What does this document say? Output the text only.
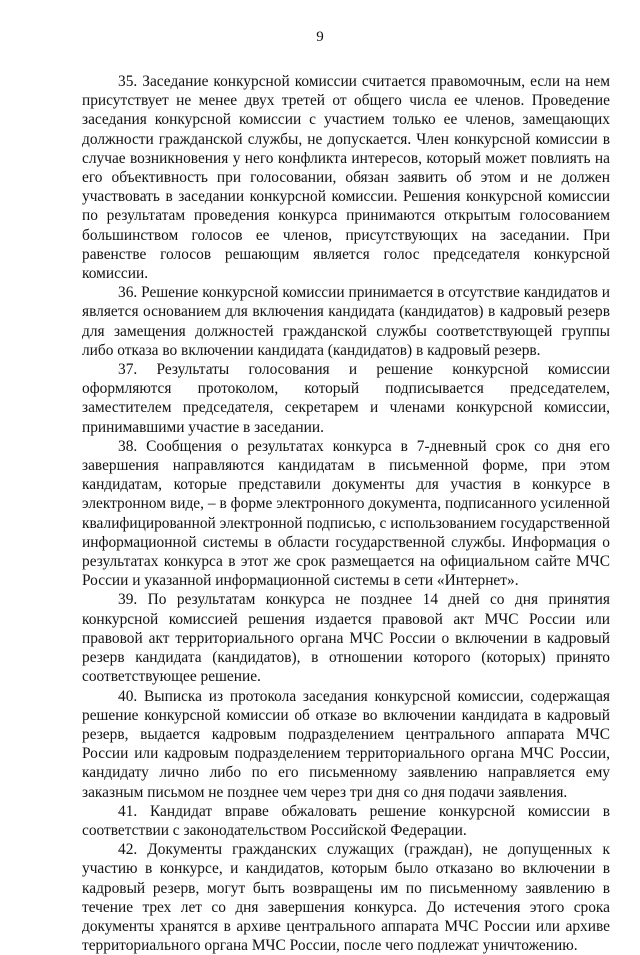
9

35. Заседание конкурсной комиссии считается правомочным, если на нем присутствует не менее двух третей от общего числа ее членов. Проведение заседания конкурсной комиссии с участием только ее членов, замещающих должности гражданской службы, не допускается. Член конкурсной комиссии в случае возникновения у него конфликта интересов, который может повлиять на его объективность при голосовании, обязан заявить об этом и не должен участвовать в заседании конкурсной комиссии. Решения конкурсной комиссии по результатам проведения конкурса принимаются открытым голосованием большинством голосов ее членов, присутствующих на заседании. При равенстве голосов решающим является голос председателя конкурсной комиссии.

36. Решение конкурсной комиссии принимается в отсутствие кандидатов и является основанием для включения кандидата (кандидатов) в кадровый резерв для замещения должностей гражданской службы соответствующей группы либо отказа во включении кандидата (кандидатов) в кадровый резерв.

37. Результаты голосования и решение конкурсной комиссии оформляются протоколом, который подписывается председателем, заместителем председателя, секретарем и членами конкурсной комиссии, принимавшими участие в заседании.

38. Сообщения о результатах конкурса в 7-дневный срок со дня его завершения направляются кандидатам в письменной форме, при этом кандидатам, которые представили документы для участия в конкурсе в электронном виде, – в форме электронного документа, подписанного усиленной квалифицированной электронной подписью, с использованием государственной информационной системы в области государственной службы. Информация о результатах конкурса в этот же срок размещается на официальном сайте МЧС России и указанной информационной системы в сети «Интернет».

39. По результатам конкурса не позднее 14 дней со дня принятия конкурсной комиссией решения издается правовой акт МЧС России или правовой акт территориального органа МЧС России о включении в кадровый резерв кандидата (кандидатов), в отношении которого (которых) принято соответствующее решение.

40. Выписка из протокола заседания конкурсной комиссии, содержащая решение конкурсной комиссии об отказе во включении кандидата в кадровый резерв, выдается кадровым подразделением центрального аппарата МЧС России или кадровым подразделением территориального органа МЧС России, кандидату лично либо по его письменному заявлению направляется ему заказным письмом не позднее чем через три дня со дня подачи заявления.

41. Кандидат вправе обжаловать решение конкурсной комиссии в соответствии с законодательством Российской Федерации.

42. Документы гражданских служащих (граждан), не допущенных к участию в конкурсе, и кандидатов, которым было отказано во включении в кадровый резерв, могут быть возвращены им по письменному заявлению в течение трех лет со дня завершения конкурса. До истечения этого срока документы хранятся в архиве центрального аппарата МЧС России или архиве территориального органа МЧС России, после чего подлежат уничтожению.
